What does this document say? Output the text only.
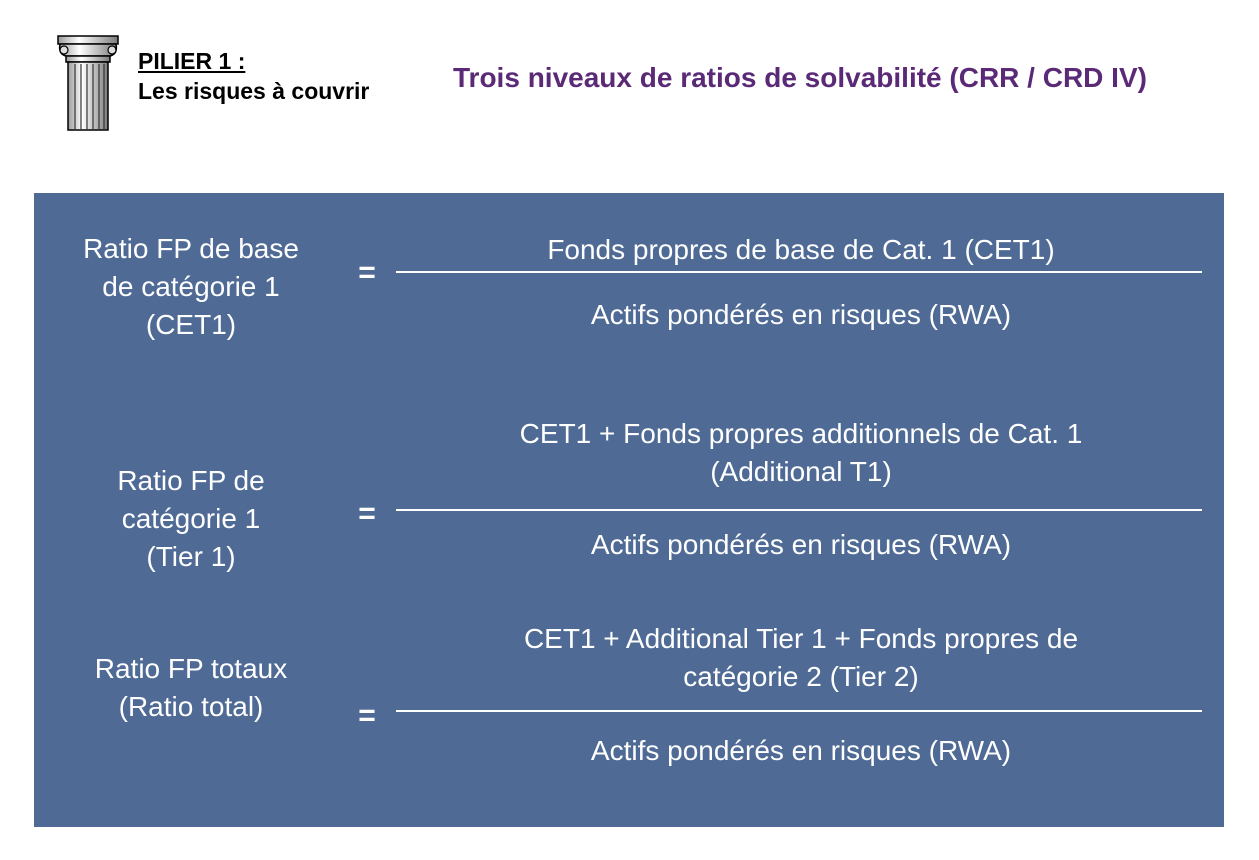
PILIER 1 :
Les risques à couvrir	Trois niveaux de ratios de solvabilité (CRR / CRD IV)
Ratio FP de base
de catégorie 1
(CET1)
=
Fonds propres de base de Cat. 1 (CET1)
Actifs pondérés en risques (RWA)
Ratio FP de
catégorie 1
(Tier 1)
=
CET1 + Fonds propres additionnels de Cat. 1
(Additional T1)
Actifs pondérés en risques (RWA)
Ratio FP totaux
(Ratio total)	=
CET1 + Additional Tier 1 + Fonds propres de
catégorie 2 (Tier 2)
Actifs pondérés en risques (RWA)
